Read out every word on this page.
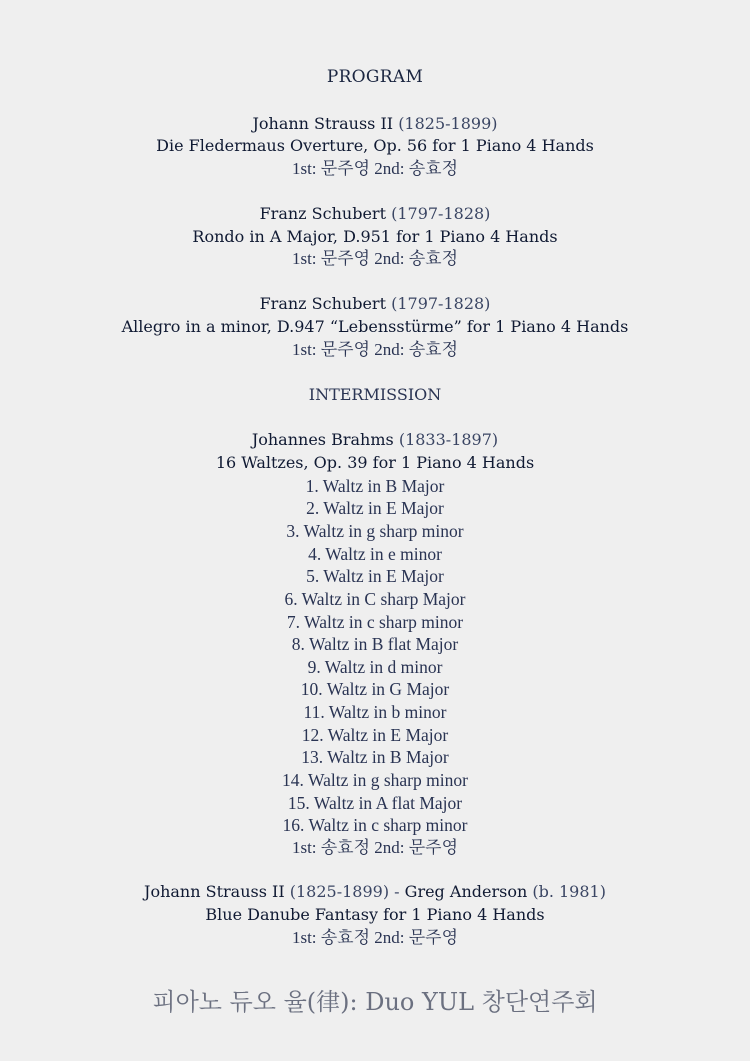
PROGRAM
Johann Strauss II (1825-1899)
Die Fledermaus Overture, Op. 56 for 1 Piano 4 Hands
1st: 문주영 2nd: 송효정
Franz Schubert (1797-1828)
Rondo in A Major, D.951 for 1 Piano 4 Hands
1st: 문주영 2nd: 송효정
Franz Schubert (1797-1828)
Allegro in a minor, D.947 “Lebensstürme” for 1 Piano 4 Hands
1st: 문주영 2nd: 송효정
INTERMISSION
Johannes Brahms (1833-1897)
16 Waltzes, Op. 39 for 1 Piano 4 Hands
1. Waltz in B Major
2. Waltz in E Major
3. Waltz in g sharp minor
4. Waltz in e minor
5. Waltz in E Major
6. Waltz in C sharp Major
7. Waltz in c sharp minor
8. Waltz in B flat Major
9. Waltz in d minor
10. Waltz in G Major
11. Waltz in b minor
12. Waltz in E Major
13. Waltz in B Major
14. Waltz in g sharp minor
15. Waltz in A flat Major
16. Waltz in c sharp minor
1st: 송효정 2nd: 문주영
Johann Strauss II (1825-1899) - Greg Anderson (b. 1981)
Blue Danube Fantasy for 1 Piano 4 Hands
1st: 송효정 2nd: 문주영
피아노 듀오 율(律): Duo YUL 창단연주회
